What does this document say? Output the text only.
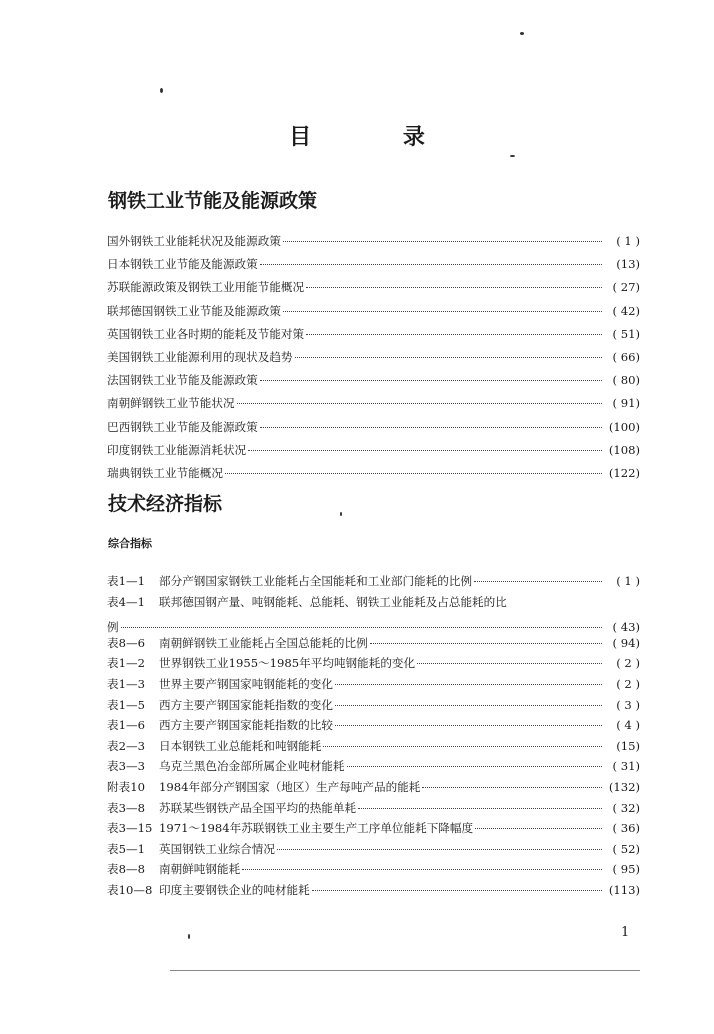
目 录
钢铁工业节能及能源政策
国外钢铁工业能耗状况及能源政策	( 1 )
日本钢铁工业节能及能源政策	(13)
苏联能源政策及钢铁工业用能节能概况	( 27)
联邦德国钢铁工业节能及能源政策	( 42)
英国钢铁工业各时期的能耗及节能对策	( 51)
美国钢铁工业能源利用的现状及趋势	( 66)
法国钢铁工业节能及能源政策	( 80)
南朝鲜钢铁工业节能状况	( 91)
巴西钢铁工业节能及能源政策	(100)
印度钢铁工业能源消耗状况	(108)
瑞典钢铁工业节能概况	(122)
技术经济指标
综合指标
表1—1	部分产钢国家钢铁工业能耗占全国能耗和工业部门能耗的比例	( 1 )
表4—1	联邦德国钢产量、吨钢能耗、总能耗、钢铁工业能耗及占总能耗的比
例	( 43)
表8—6	南朝鲜钢铁工业能耗占全国总能耗的比例	( 94)
表1—2	世界钢铁工业1955～1985年平均吨钢能耗的变化	( 2 )
表1—3	世界主要产钢国家吨钢能耗的变化	( 2 )
表1—5	西方主要产钢国家能耗指数的变化	( 3 )
表1—6	西方主要产钢国家能耗指数的比较	( 4 )
表2—3	日本钢铁工业总能耗和吨钢能耗	(15)
表3—3	乌克兰黑色冶金部所属企业吨材能耗	( 31)
附表10	1984年部分产钢国家（地区）生产每吨产品的能耗	(132)
表3—8	苏联某些钢铁产品全国平均的热能单耗	( 32)
表3—15 1971～1984年苏联钢铁工业主要生产工序单位能耗下降幅度	( 36)
表5—1	英国钢铁工业综合情况	( 52)
表8—8	南朝鲜吨钢能耗	( 95)
表10—8 印度主要钢铁企业的吨材能耗	(113)
1
